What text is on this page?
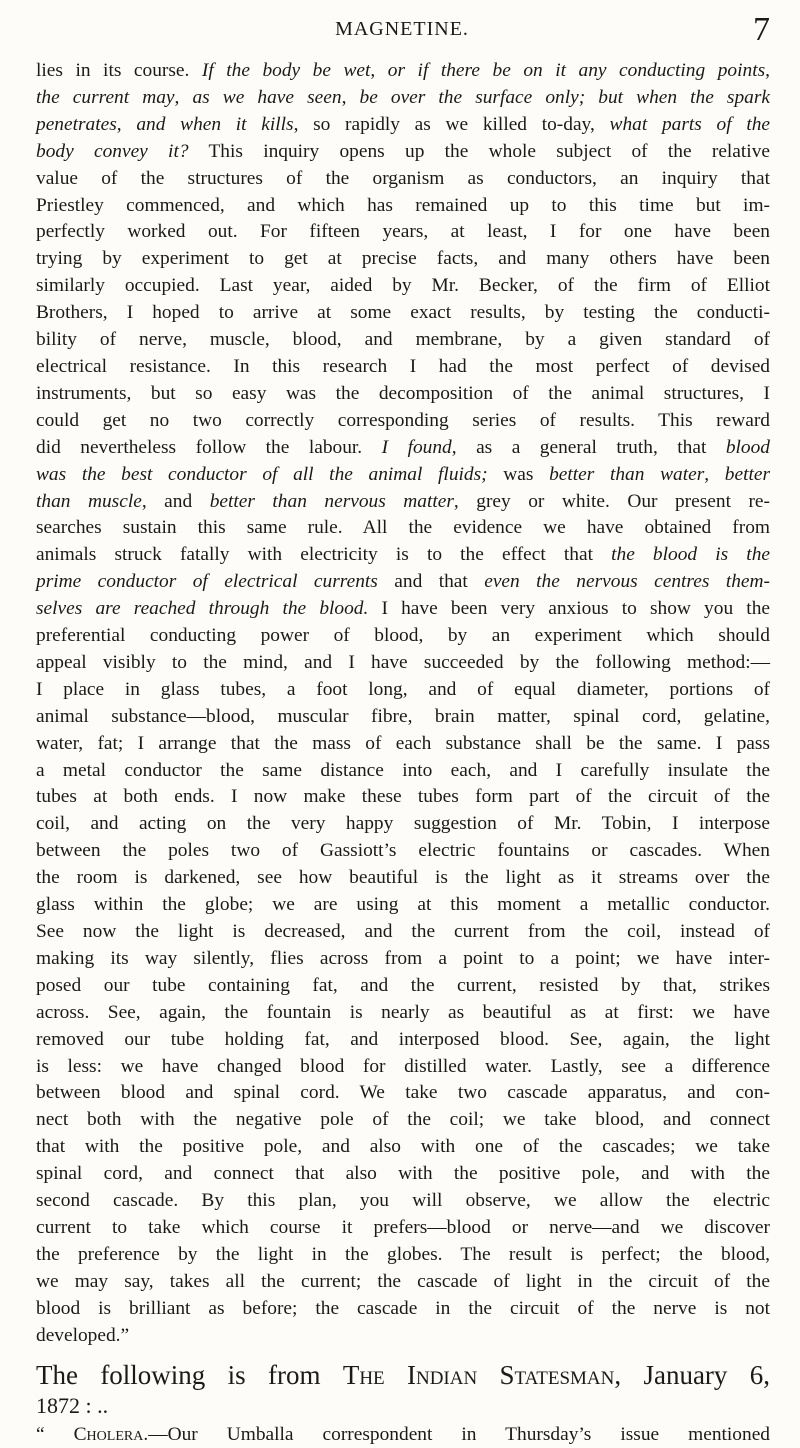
MAGNETINE.	7
lies in its course. If the body be wet, or if there be on it any conducting points,
the current may, as we have seen, be over the surface only; but when the spark
penetrates, and when it kills, so rapidly as we killed to-day, what parts of the
body convey it? This inquiry opens up the whole subject of the relative
value of the structures of the organism as conductors, an inquiry that
Priestley commenced, and which has remained up to this time but im-
perfectly worked out. For fifteen years, at least, I for one have been
trying by experiment to get at precise facts, and many others have been
similarly occupied. Last year, aided by Mr. Becker, of the firm of Elliot
Brothers, I hoped to arrive at some exact results, by testing the conducti-
bility of nerve, muscle, blood, and membrane, by a given standard of
electrical resistance. In this research I had the most perfect of devised
instruments, but so easy was the decomposition of the animal structures, I
could get no two correctly corresponding series of results. This reward
did nevertheless follow the labour. I found, as a general truth, that blood
was the best conductor of all the animal fluids; was better than water, better
than muscle, and better than nervous matter, grey or white. Our present re-
searches sustain this same rule. All the evidence we have obtained from
animals struck fatally with electricity is to the effect that the blood is the
prime conductor of electrical currents and that even the nervous centres them-
selves are reached through the blood. I have been very anxious to show you the
preferential conducting power of blood, by an experiment which should
appeal visibly to the mind, and I have succeeded by the following method:—
I place in glass tubes, a foot long, and of equal diameter, portions of
animal substance—blood, muscular fibre, brain matter, spinal cord, gelatine,
water, fat; I arrange that the mass of each substance shall be the same. I pass
a metal conductor the same distance into each, and I carefully insulate the
tubes at both ends. I now make these tubes form part of the circuit of the
coil, and acting on the very happy suggestion of Mr. Tobin, I interpose
between the poles two of Gassiott’s electric fountains or cascades. When
the room is darkened, see how beautiful is the light as it streams over the
glass within the globe; we are using at this moment a metallic conductor.
See now the light is decreased, and the current from the coil, instead of
making its way silently, flies across from a point to a point; we have inter-
posed our tube containing fat, and the current, resisted by that, strikes
across. See, again, the fountain is nearly as beautiful as at first: we have
removed our tube holding fat, and interposed blood. See, again, the light
is less: we have changed blood for distilled water. Lastly, see a difference
between blood and spinal cord. We take two cascade apparatus, and con-
nect both with the negative pole of the coil; we take blood, and connect
that with the positive pole, and also with one of the cascades; we take
spinal cord, and connect that also with the positive pole, and with the
second cascade. By this plan, you will observe, we allow the electric
current to take which course it prefers—blood or nerve—and we discover
the preference by the light in the globes. The result is perfect; the blood,
we may say, takes all the current; the cascade of light in the circuit of the
blood is brilliant as before; the cascade in the circuit of the nerve is not
developed.”
The following is from The Indian Statesman, January 6,
1872 : ..
“ Cholera.—Our Umballa correspondent in Thursday’s issue mentioned
